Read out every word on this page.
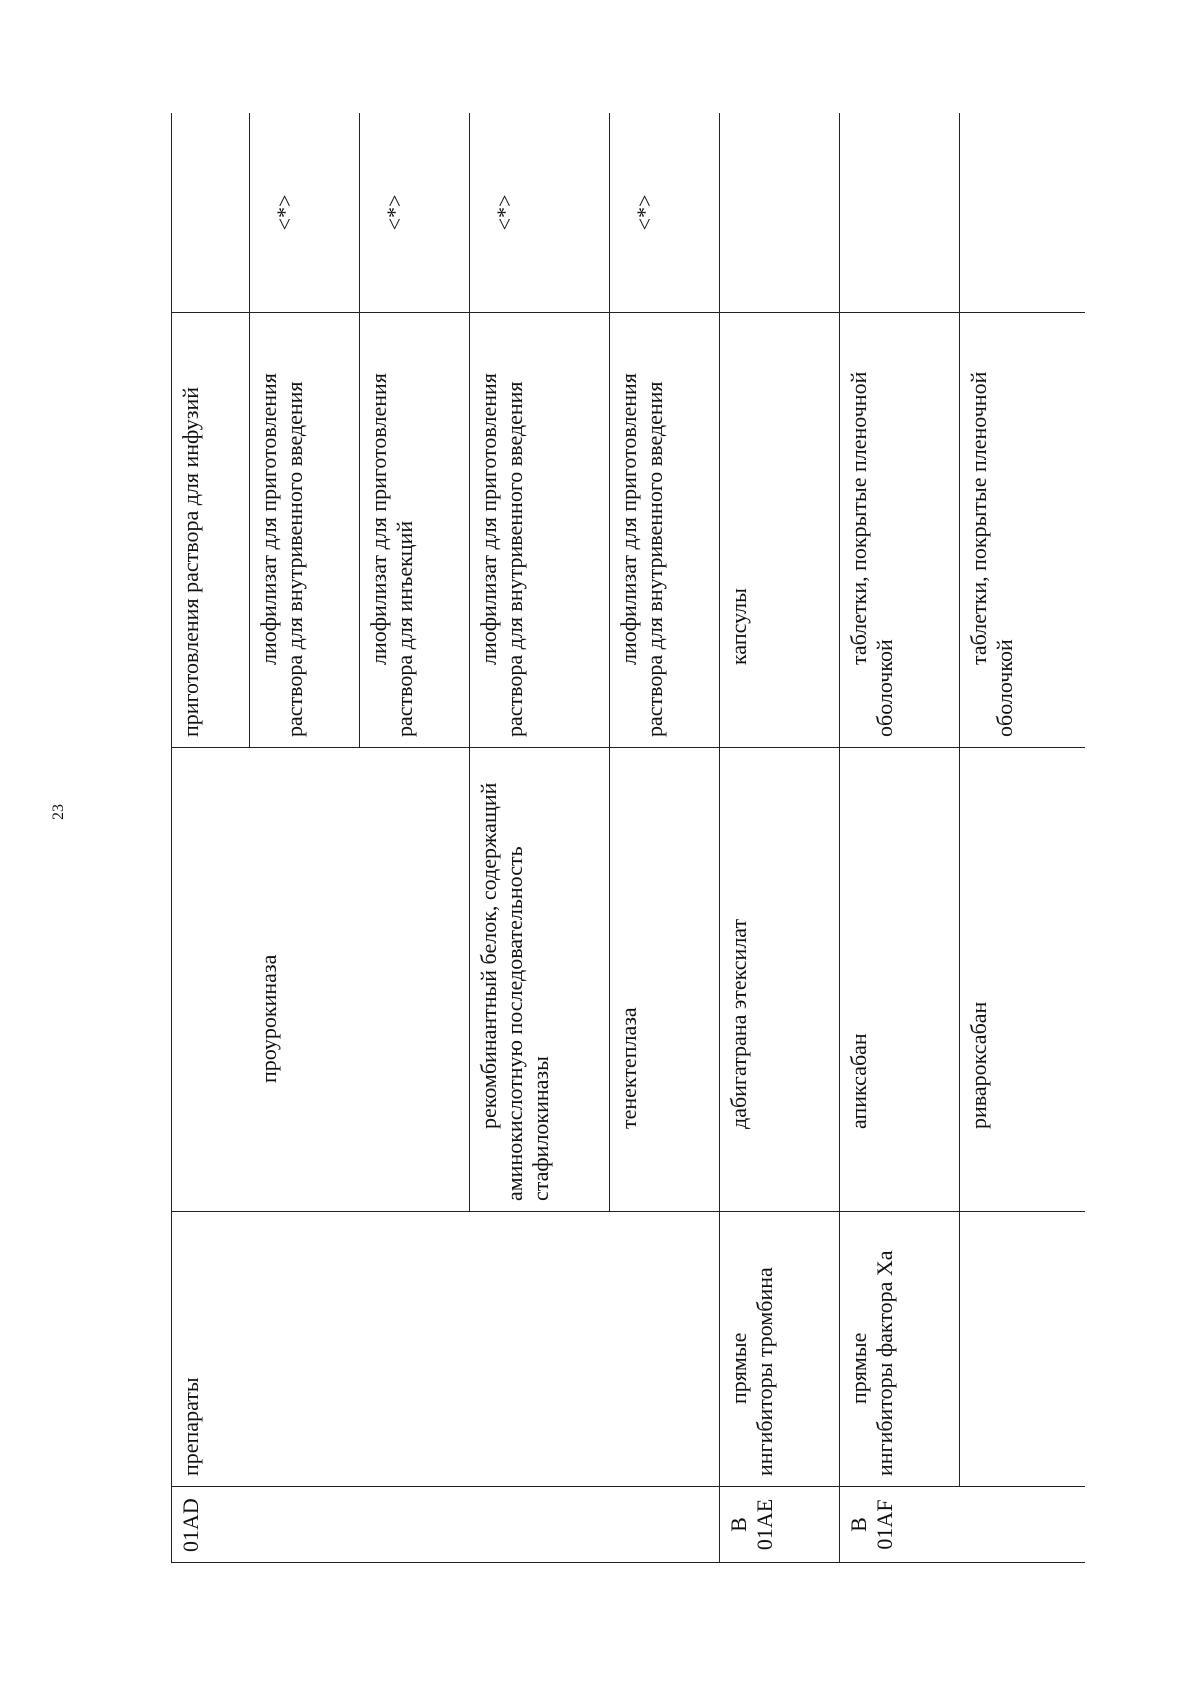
23
01AD	препараты		приготовления раствора для инфузий	
		проурокиназа	лиофилизат для приготовления раствора для внутривенного введения	<*>

			лиофилизат для приготовления раствора для инъекций	<*>

		рекомбинантный белок, содержащий аминокислотную последовательность стафилокиназы	лиофилизат для приготовления раствора для внутривенного введения	<*>

		тенектеплаза	лиофилизат для приготовления раствора для внутривенного введения	<*>

B 01AE	прямые ингибиторы тромбина	дабигатрана этексилат	капсулы	
B 01AF	прямые ингибиторы фактора Xa	апиксабан	таблетки, покрытые пленочной оболочкой	
		ривароксабан	таблетки, покрытые пленочной оболочкой	
